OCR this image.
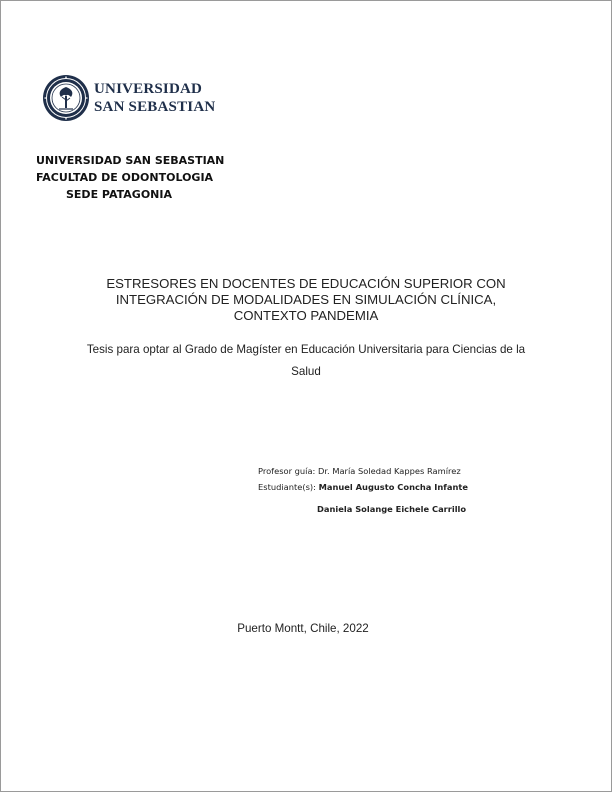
UNIVERSIDAD
SAN SEBASTIAN
UNIVERSIDAD SAN SEBASTIAN
FACULTAD DE ODONTOLOGIA
SEDE PATAGONIA
ESTRESORES EN DOCENTES DE EDUCACIÓN SUPERIOR CON
INTEGRACIÓN DE MODALIDADES EN SIMULACIÓN CLÍNICA,
CONTEXTO PANDEMIA
Tesis para optar al Grado de Magíster en Educación Universitaria para Ciencias de la
Salud
Profesor guía: Dr. María Soledad Kappes Ramírez
Estudiante(s): Manuel Augusto Concha Infante
Daniela Solange Eichele Carrillo
Puerto Montt, Chile, 2022
